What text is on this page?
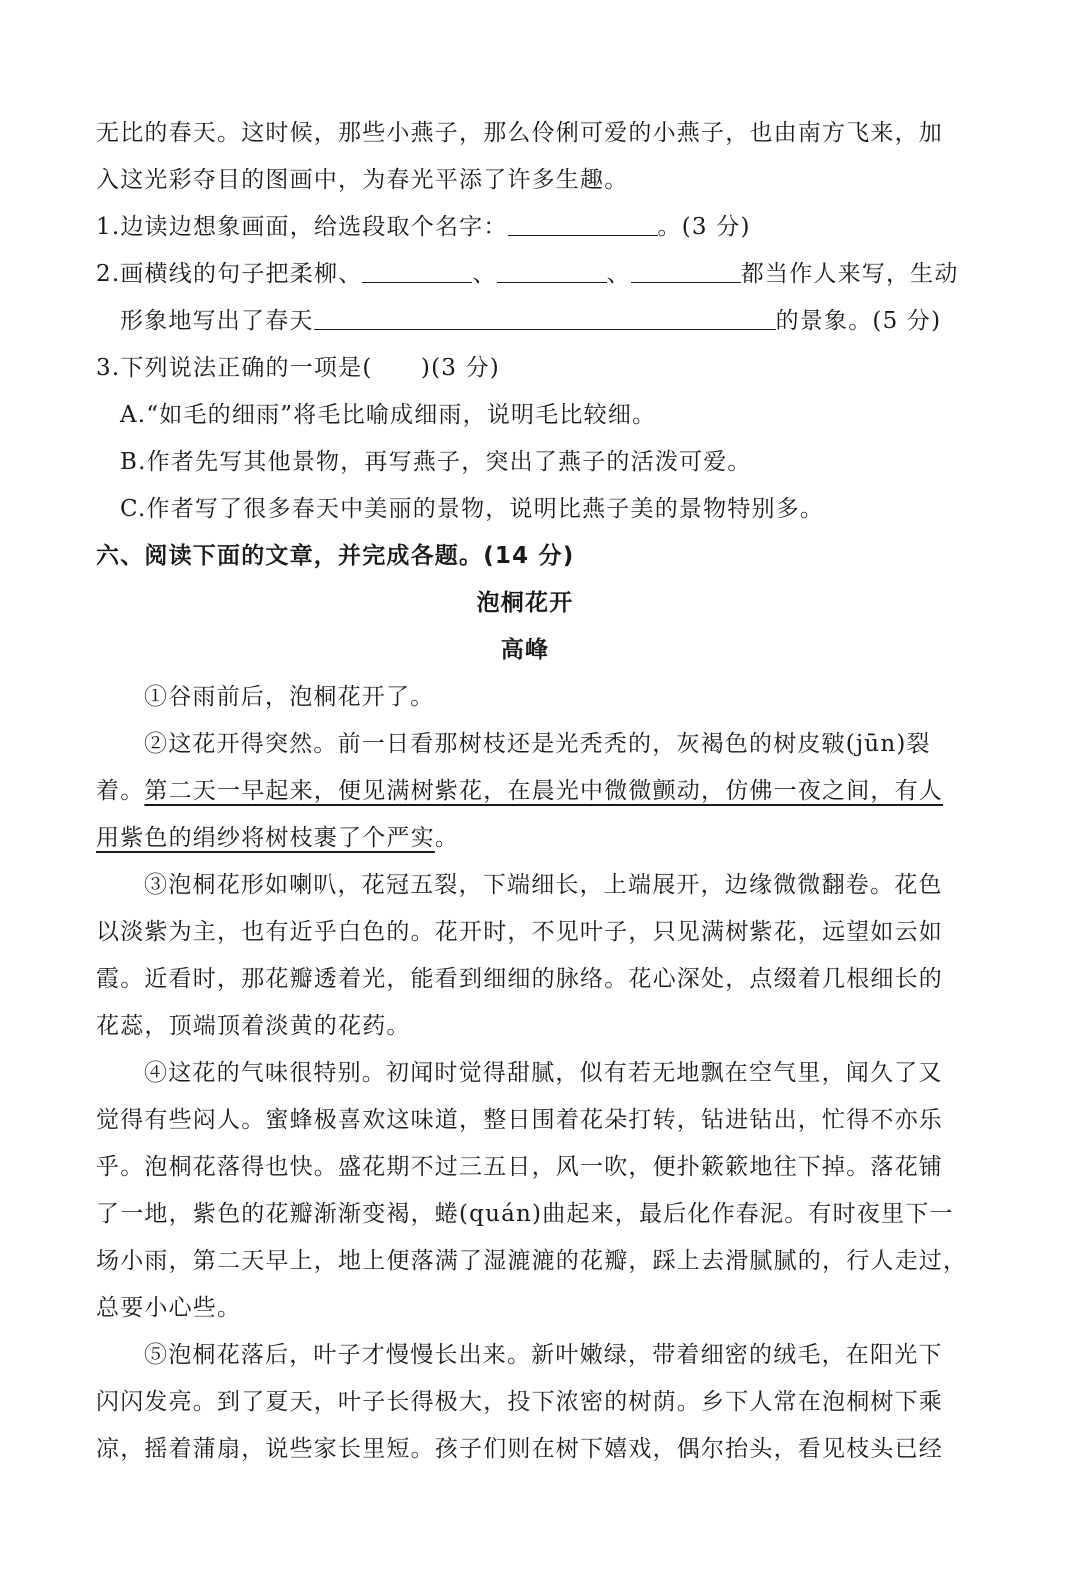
无比的春天。这时候，那些小燕子，那么伶俐可爱的小燕子，也由南方飞来，加
入这光彩夺目的图画中，为春光平添了许多生趣。
1.边读边想象画面，给选段取个名字：	。(3 分)
2.画横线的句子把柔柳、	、	、	都当作人来写，生动
形象地写出了春天	的景象。(5 分)
3.下列说法正确的一项是(　　)(3 分)
A.“如毛的细雨”将毛比喻成细雨，说明毛比较细。
B.作者先写其他景物，再写燕子，突出了燕子的活泼可爱。
C.作者写了很多春天中美丽的景物，说明比燕子美的景物特别多。
六、阅读下面的文章，并完成各题。(14 分)
泡桐花开
高峰
①谷雨前后，泡桐花开了。
②这花开得突然。前一日看那树枝还是光秃秃的，灰褐色的树皮皲(jūn)裂
着。第二天一早起来，便见满树紫花，在晨光中微微颤动，仿佛一夜之间，有人
用紫色的绢纱将树枝裹了个严实。
③泡桐花形如喇叭，花冠五裂，下端细长，上端展开，边缘微微翻卷。花色
以淡紫为主，也有近乎白色的。花开时，不见叶子，只见满树紫花，远望如云如
霞。近看时，那花瓣透着光，能看到细细的脉络。花心深处，点缀着几根细长的
花蕊，顶端顶着淡黄的花药。
④这花的气味很特别。初闻时觉得甜腻，似有若无地飘在空气里，闻久了又
觉得有些闷人。蜜蜂极喜欢这味道，整日围着花朵打转，钻进钻出，忙得不亦乐
乎。泡桐花落得也快。盛花期不过三五日，风一吹，便扑簌簌地往下掉。落花铺
了一地，紫色的花瓣渐渐变褐，蜷(quán)曲起来，最后化作春泥。有时夜里下一
场小雨，第二天早上，地上便落满了湿漉漉的花瓣，踩上去滑腻腻的，行人走过，
总要小心些。
⑤泡桐花落后，叶子才慢慢长出来。新叶嫩绿，带着细密的绒毛，在阳光下
闪闪发亮。到了夏天，叶子长得极大，投下浓密的树荫。乡下人常在泡桐树下乘
凉，摇着蒲扇，说些家长里短。孩子们则在树下嬉戏，偶尔抬头，看见枝头已经
